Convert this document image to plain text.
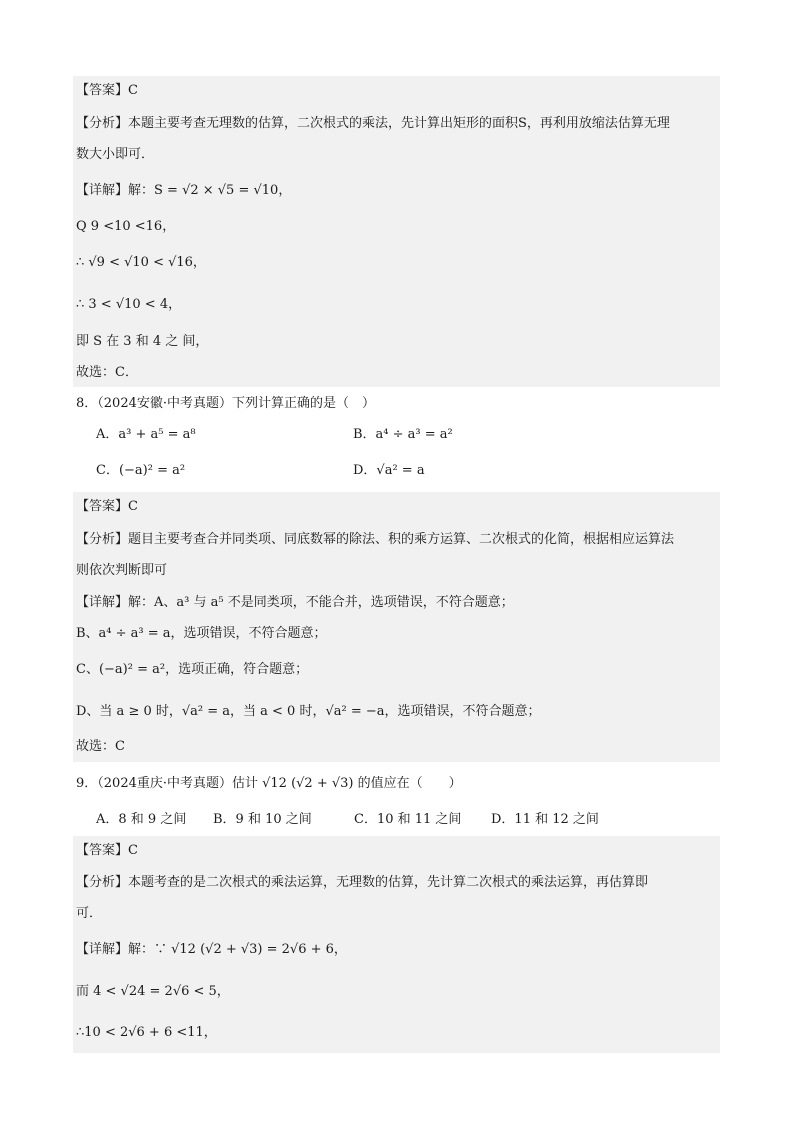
【答案】C
【分析】本题主要考查无理数的估算，二次根式的乘法，先计算出矩形的面积S，再利用放缩法估算无理
数大小即可．
【详解】解：S = √2 × √5 = √10，
Q 9 <10 <16，
∴ √9 < √10 < √16，
∴ 3 < √10 < 4，
即 S 在 3 和 4 之 间，
故选：C．
8．（2024安徽·中考真题）下列计算正确的是（　）
A．a³ + a⁵ = a⁸	B．a⁴ ÷ a³ = a²
C．(−a)² = a²	D．√a² = a
【答案】C
【分析】题目主要考查合并同类项、同底数幂的除法、积的乘方运算、二次根式的化简，根据相应运算法
则依次判断即可
【详解】解：A、a³ 与 a⁵ 不是同类项，不能合并，选项错误，不符合题意；
B、a⁴ ÷ a³ = a，选项错误，不符合题意；
C、(−a)² = a²，选项正确，符合题意；
D、当 a ≥ 0 时，√a² = a，当 a < 0 时，√a² = −a，选项错误，不符合题意；
故选：C
9．（2024重庆·中考真题）估计 √12 (√2 + √3) 的值应在（　　）
A．8 和 9 之间 B．9 和 10 之间	C．10 和 11 之间 D．11 和 12 之间
【答案】C
【分析】本题考查的是二次根式的乘法运算，无理数的估算，先计算二次根式的乘法运算，再估算即
可．
【详解】解：∵ √12 (√2 + √3) = 2√6 + 6，
而 4 < √24 = 2√6 < 5，
∴10 < 2√6 + 6 <11，
